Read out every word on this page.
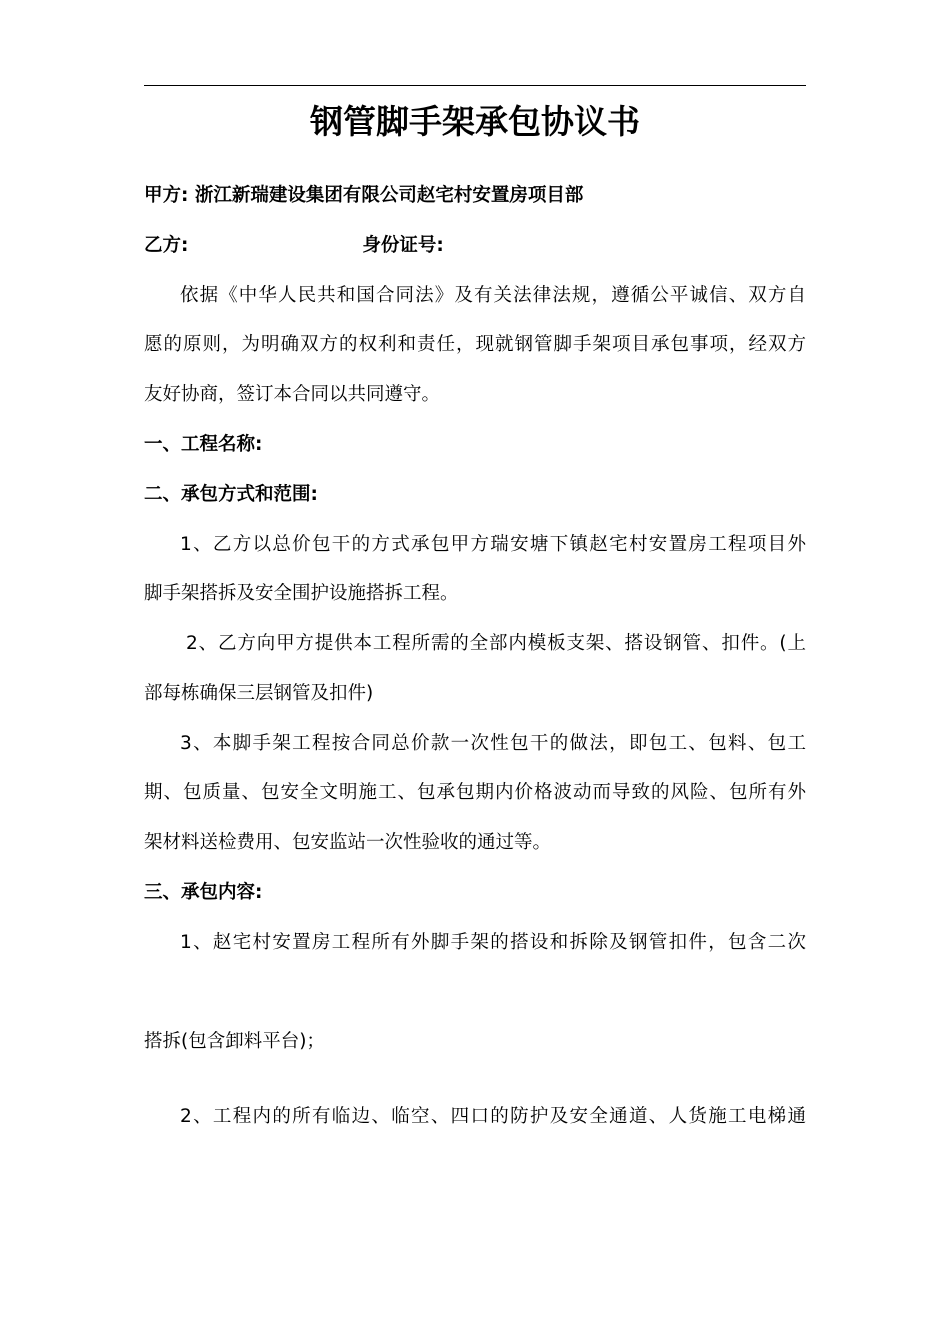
钢管脚手架承包协议书
甲方: 浙江新瑞建设集团有限公司赵宅村安置房项目部
乙方:	身份证号:
依据《中华人民共和国合同法》及有关法律法规，遵循公平诚信、双方自
愿的原则，为明确双方的权利和责任，现就钢管脚手架项目承包事项，经双方
友好协商，签订本合同以共同遵守。
一、工程名称:
二、承包方式和范围:
1、乙方以总价包干的方式承包甲方瑞安塘下镇赵宅村安置房工程项目外
脚手架搭拆及安全围护设施搭拆工程。
2、乙方向甲方提供本工程所需的全部内模板支架、搭设钢管、扣件。(上
部每栋确保三层钢管及扣件)
3、本脚手架工程按合同总价款一次性包干的做法，即包工、包料、包工
期、包质量、包安全文明施工、包承包期内价格波动而导致的风险、包所有外
架材料送检费用、包安监站一次性验收的通过等。
三、承包内容:
1、赵宅村安置房工程所有外脚手架的搭设和拆除及钢管扣件，包含二次
搭拆(包含卸料平台)；
2、工程内的所有临边、临空、四口的防护及安全通道、人货施工电梯通
